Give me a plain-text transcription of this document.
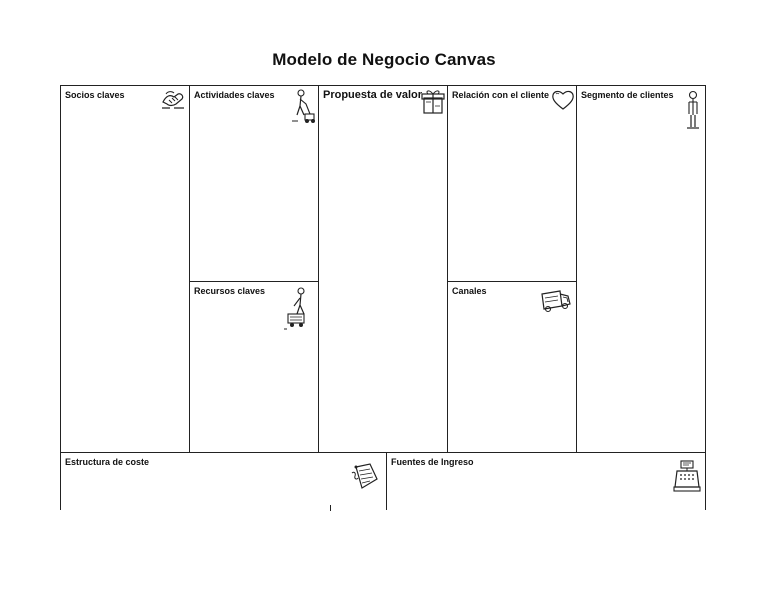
Modelo de Negocio Canvas
Socios claves	Actividades claves
Recursos claves
Propuesta de valor	Relación con el cliente
Canales
Segmento de clientes
Estructura de coste	Fuentes de Ingreso
